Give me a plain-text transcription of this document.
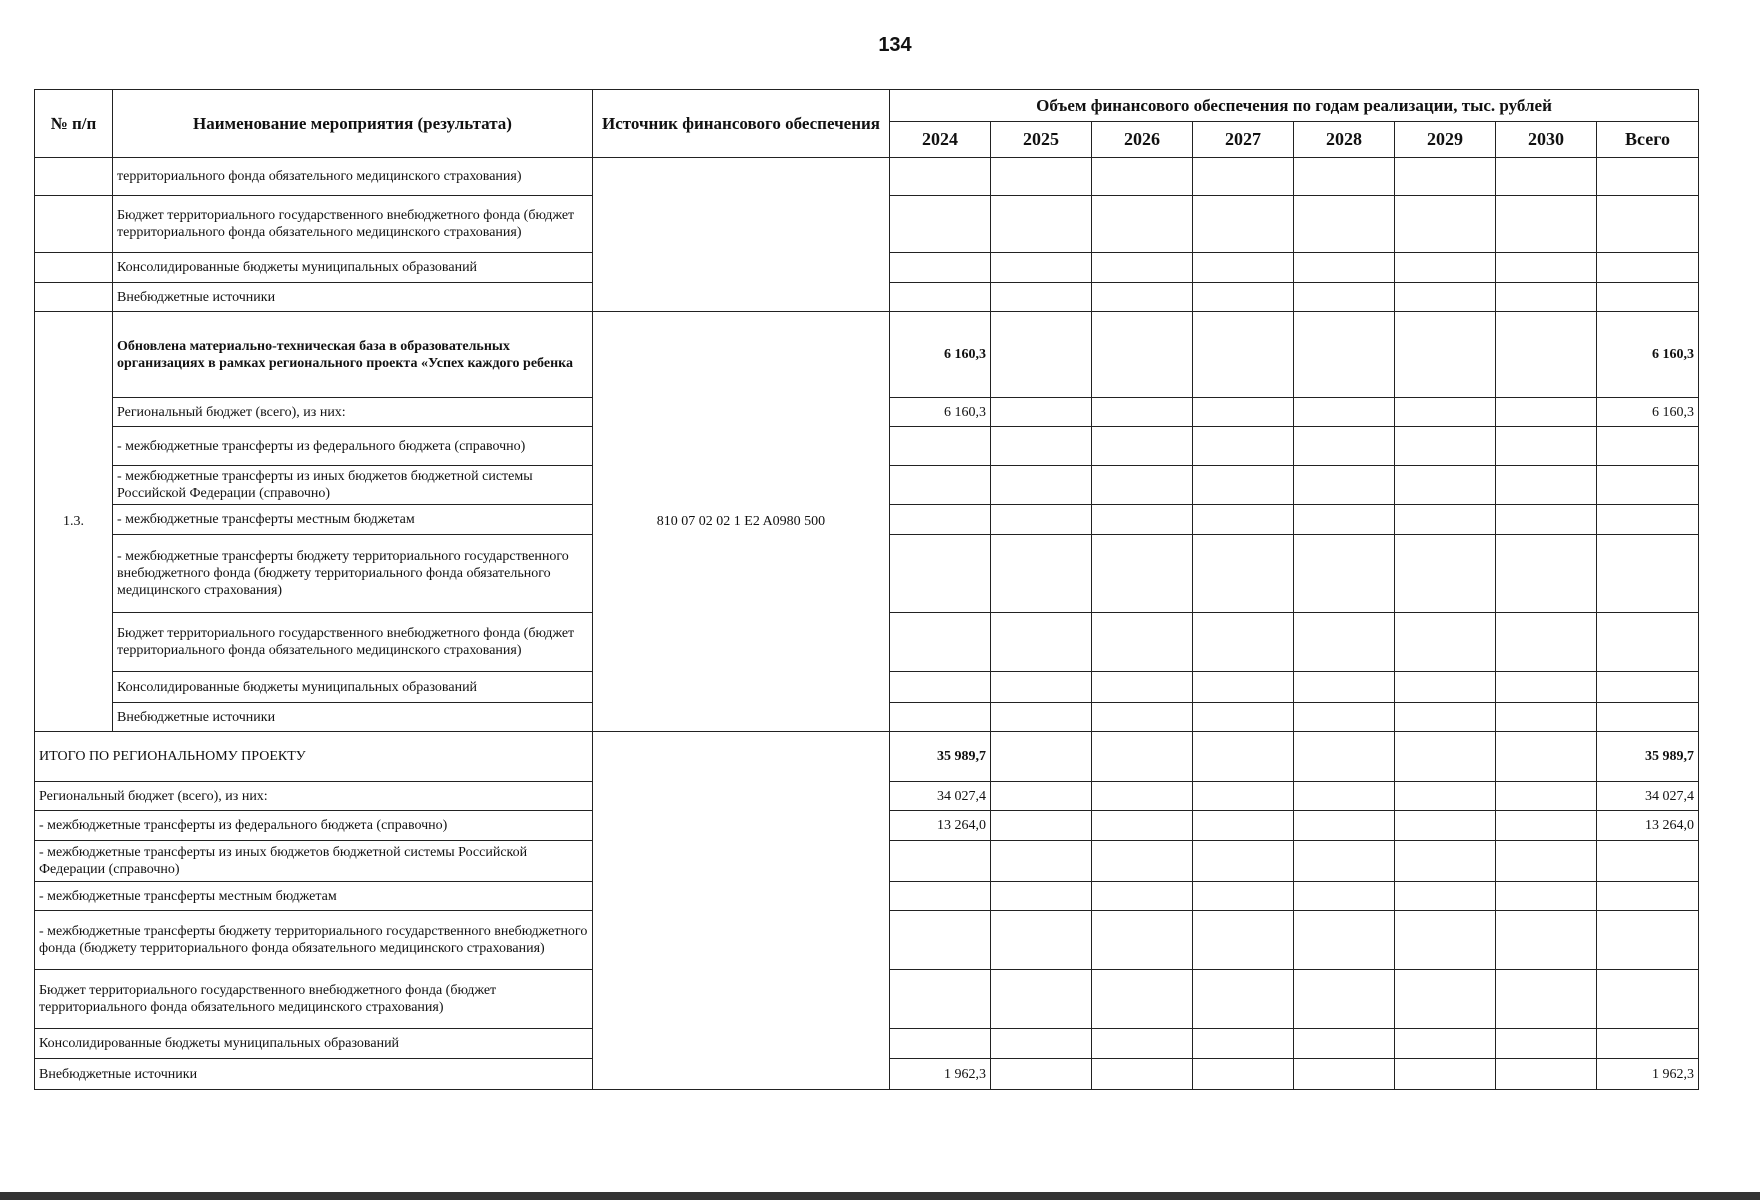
134
№ п/п	Наименование мероприятия (результата)	Источник финансового обеспечения	Объем финансового обеспечения по годам реализации, тыс. рублей							
			2024	2025	2026	2027	2028	2029	2030	Всего
	территориального фонда обязательного медицинского страхования)									
	Бюджет территориального государственного внебюджетного фонда (бюджет территориального фонда обязательного медицинского страхования)									
	Консолидированные бюджеты муниципальных образований									
	Внебюджетные источники									
1.3.	Обновлена материально-техническая база в образовательных организациях в рамках регионального проекта «Успех каждого ребенка	810 07 02 02 1 E2 A0980 500	6 160,3							6 160,3
	Региональный бюджет (всего), из них:		6 160,3							6 160,3
	- межбюджетные трансферты из федерального бюджета (справочно)									
	- межбюджетные трансферты из иных бюджетов бюджетной системы Российской Федерации (справочно)									
	- межбюджетные трансферты местным бюджетам									
	- межбюджетные трансферты бюджету территориального государственного внебюджетного фонда (бюджету территориального фонда обязательного медицинского страхования)									
	Бюджет территориального государственного внебюджетного фонда (бюджет территориального фонда обязательного медицинского страхования)									
	Консолидированные бюджеты муниципальных образований									
	Внебюджетные источники									
ИТОГО ПО РЕГИОНАЛЬНОМУ ПРОЕКТУ			35 989,7							35 989,7
Региональный бюджет (всего), из них:			34 027,4							34 027,4
- межбюджетные трансферты из федерального бюджета (справочно)			13 264,0							13 264,0
- межбюджетные трансферты из иных бюджетов бюджетной системы Российской Федерации (справочно)										
- межбюджетные трансферты местным бюджетам										
- межбюджетные трансферты бюджету территориального государственного внебюджетного фонда (бюджету территориального фонда обязательного медицинского страхования)										
Бюджет территориального государственного внебюджетного фонда (бюджет территориального фонда обязательного медицинского страхования)										
Консолидированные бюджеты муниципальных образований										
Внебюджетные источники			1 962,3							1 962,3
